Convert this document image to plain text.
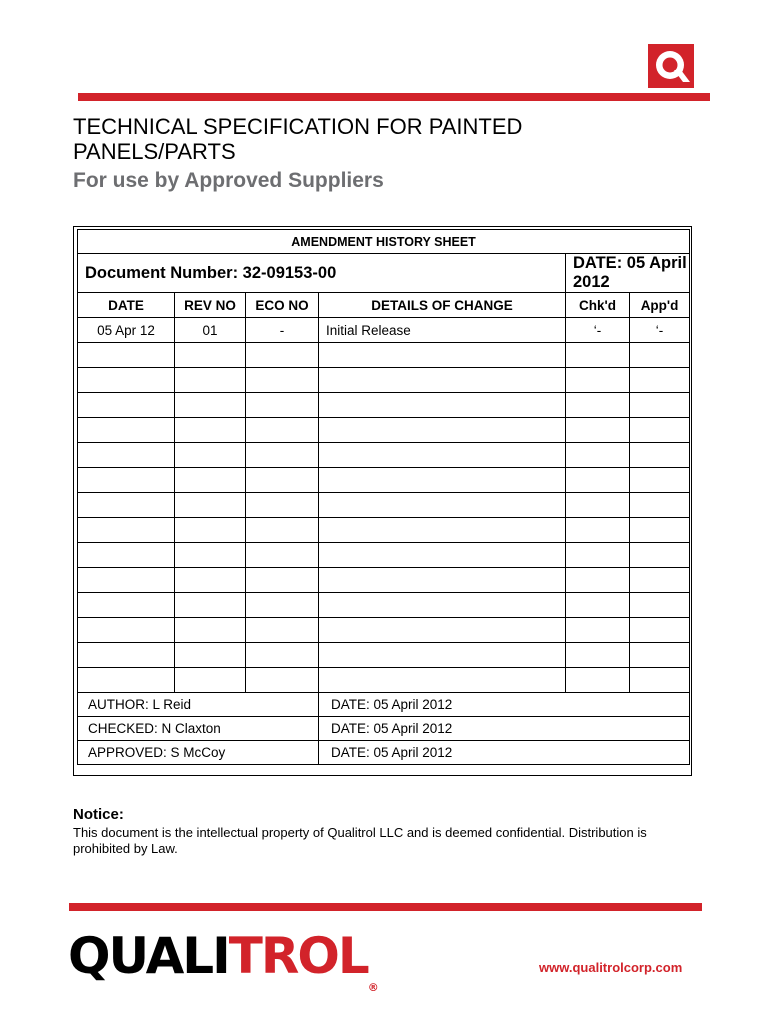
TECHNICAL SPECIFICATION FOR PAINTED PANELS/PARTS
For use by Approved Suppliers
AMENDMENT HISTORY SHEET					
Document Number: 32-09153-00				DATE: 05 April 2012	
DATE	REV NO	ECO NO	DETAILS OF CHANGE	Chk'd	App'd
05 Apr 12	01	-	Initial Release	‘-	‘-

AUTHOR: L Reid			DATE: 05 April 2012		
CHECKED: N Claxton			DATE: 05 April 2012		
APPROVED: S McCoy			DATE: 05 April 2012		
Notice:
This document is the intellectual property of Qualitrol LLC and is deemed confidential. Distribution is prohibited by Law.
QUALITROL®
www.qualitrolcorp.com
